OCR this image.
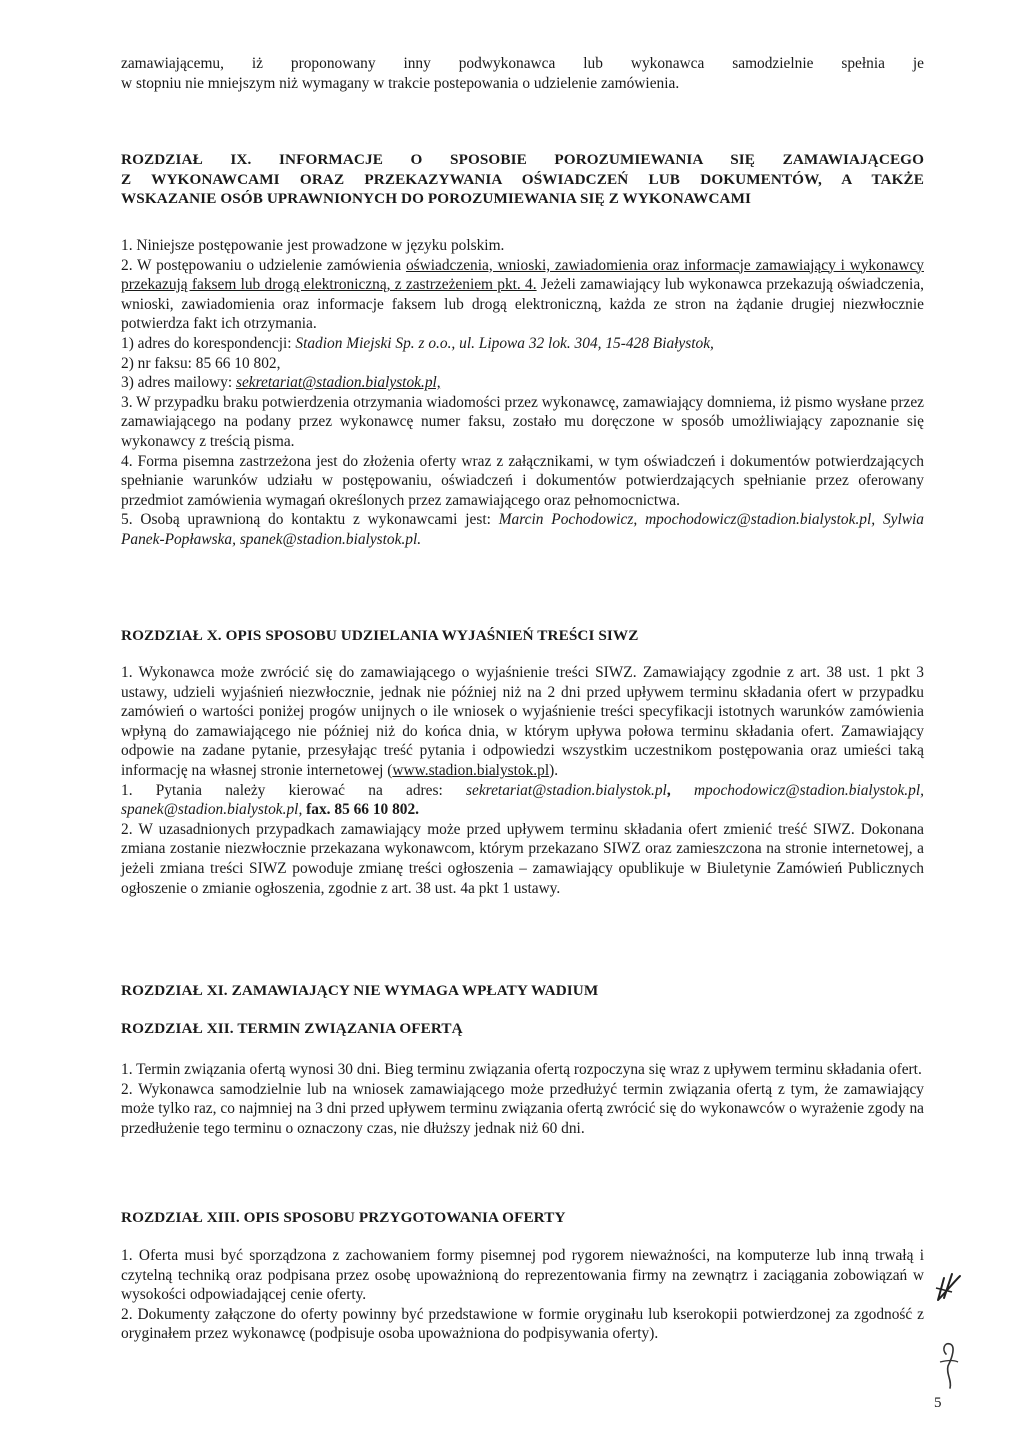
zamawiającemu, iż proponowany inny podwykonawca lub wykonawca samodzielnie spełnia je

w stopniu nie mniejszym niż wymagany w trakcie postepowania o udzielenie zamówienia.

ROZDZIAŁ IX. INFORMACJE O SPOSOBIE POROZUMIEWANIA SIĘ ZAMAWIAJĄCEGO

Z WYKONAWCAMI ORAZ PRZEKAZYWANIA OŚWIADCZEŃ LUB DOKUMENTÓW, A TAKŻE

WSKAZANIE OSÓB UPRAWNIONYCH DO POROZUMIEWANIA SIĘ Z WYKONAWCAMI

1. Niniejsze postępowanie jest prowadzone w języku polskim.

2. W postępowaniu o udzielenie zamówienia oświadczenia, wnioski, zawiadomienia oraz informacje zamawiający i wykonawcy przekazują faksem lub drogą elektroniczną, z zastrzeżeniem pkt. 4. Jeżeli zamawiający lub wykonawca przekazują oświadczenia, wnioski, zawiadomienia oraz informacje faksem lub drogą elektroniczną, każda ze stron na żądanie drugiej niezwłocznie potwierdza fakt ich otrzymania.

1) adres do korespondencji: Stadion Miejski Sp. z o.o., ul. Lipowa 32 lok. 304, 15-428 Białystok,

2) nr faksu: 85 66 10 802,

3) adres mailowy: sekretariat@stadion.bialystok.pl,

3. W przypadku braku potwierdzenia otrzymania wiadomości przez wykonawcę, zamawiający domniema, iż pismo wysłane przez zamawiającego na podany przez wykonawcę numer faksu, zostało mu doręczone w sposób umożliwiający zapoznanie się wykonawcy z treścią pisma.

4. Forma pisemna zastrzeżona jest do złożenia oferty wraz z załącznikami, w tym oświadczeń i dokumentów potwierdzających spełnianie warunków udziału w postępowaniu, oświadczeń i dokumentów potwierdzających spełnianie przez oferowany przedmiot zamówienia wymagań określonych przez zamawiającego oraz pełnomocnictwa.

5. Osobą uprawnioną do kontaktu z wykonawcami jest: Marcin Pochodowicz, mpochodowicz@stadion.bialystok.pl, Sylwia Panek-Popławska, spanek@stadion.bialystok.pl.

ROZDZIAŁ X. OPIS SPOSOBU UDZIELANIA WYJAŚNIEŃ TREŚCI SIWZ

1. Wykonawca może zwrócić się do zamawiającego o wyjaśnienie treści SIWZ. Zamawiający zgodnie z art. 38 ust. 1 pkt 3 ustawy, udzieli wyjaśnień niezwłocznie, jednak nie później niż na 2 dni przed upływem terminu składania ofert w przypadku zamówień o wartości poniżej progów unijnych o ile wniosek o wyjaśnienie treści specyfikacji istotnych warunków zamówienia wpłyną do zamawiającego nie później niż do końca dnia, w którym upływa połowa terminu składania ofert. Zamawiający odpowie na zadane pytanie, przesyłając treść pytania i odpowiedzi wszystkim uczestnikom postępowania oraz umieści taką informację na własnej stronie internetowej (www.stadion.bialystok.pl).

1. Pytania należy kierować na adres: sekretariat@stadion.bialystok.pl, mpochodowicz@stadion.bialystok.pl, spanek@stadion.bialystok.pl, fax. 85 66 10 802.

2. W uzasadnionych przypadkach zamawiający może przed upływem terminu składania ofert zmienić treść SIWZ. Dokonana zmiana zostanie niezwłocznie przekazana wykonawcom, którym przekazano SIWZ oraz zamieszczona na stronie internetowej, a jeżeli zmiana treści SIWZ powoduje zmianę treści ogłoszenia – zamawiający opublikuje w Biuletynie Zamówień Publicznych ogłoszenie o zmianie ogłoszenia, zgodnie z art. 38 ust. 4a pkt 1 ustawy.

ROZDZIAŁ XI. ZAMAWIAJĄCY NIE WYMAGA WPŁATY WADIUM

ROZDZIAŁ XII. TERMIN ZWIĄZANIA OFERTĄ

1. Termin związania ofertą wynosi 30 dni. Bieg terminu związania ofertą rozpoczyna się wraz z upływem terminu składania ofert.

2. Wykonawca samodzielnie lub na wniosek zamawiającego może przedłużyć termin związania ofertą z tym, że zamawiający może tylko raz, co najmniej na 3 dni przed upływem terminu związania ofertą zwrócić się do wykonawców o wyrażenie zgody na przedłużenie tego terminu o oznaczony czas, nie dłuższy jednak niż 60 dni.

ROZDZIAŁ XIII. OPIS SPOSOBU PRZYGOTOWANIA OFERTY

1. Oferta musi być sporządzona z zachowaniem formy pisemnej pod rygorem nieważności, na komputerze lub inną trwałą i czytelną techniką oraz podpisana przez osobę upoważnioną do reprezentowania firmy na zewnątrz i zaciągania zobowiązań w wysokości odpowiadającej cenie oferty.

2. Dokumenty załączone do oferty powinny być przedstawione w formie oryginału lub kserokopii potwierdzonej za zgodność z oryginałem przez wykonawcę (podpisuje osoba upoważniona do podpisywania oferty).

5
